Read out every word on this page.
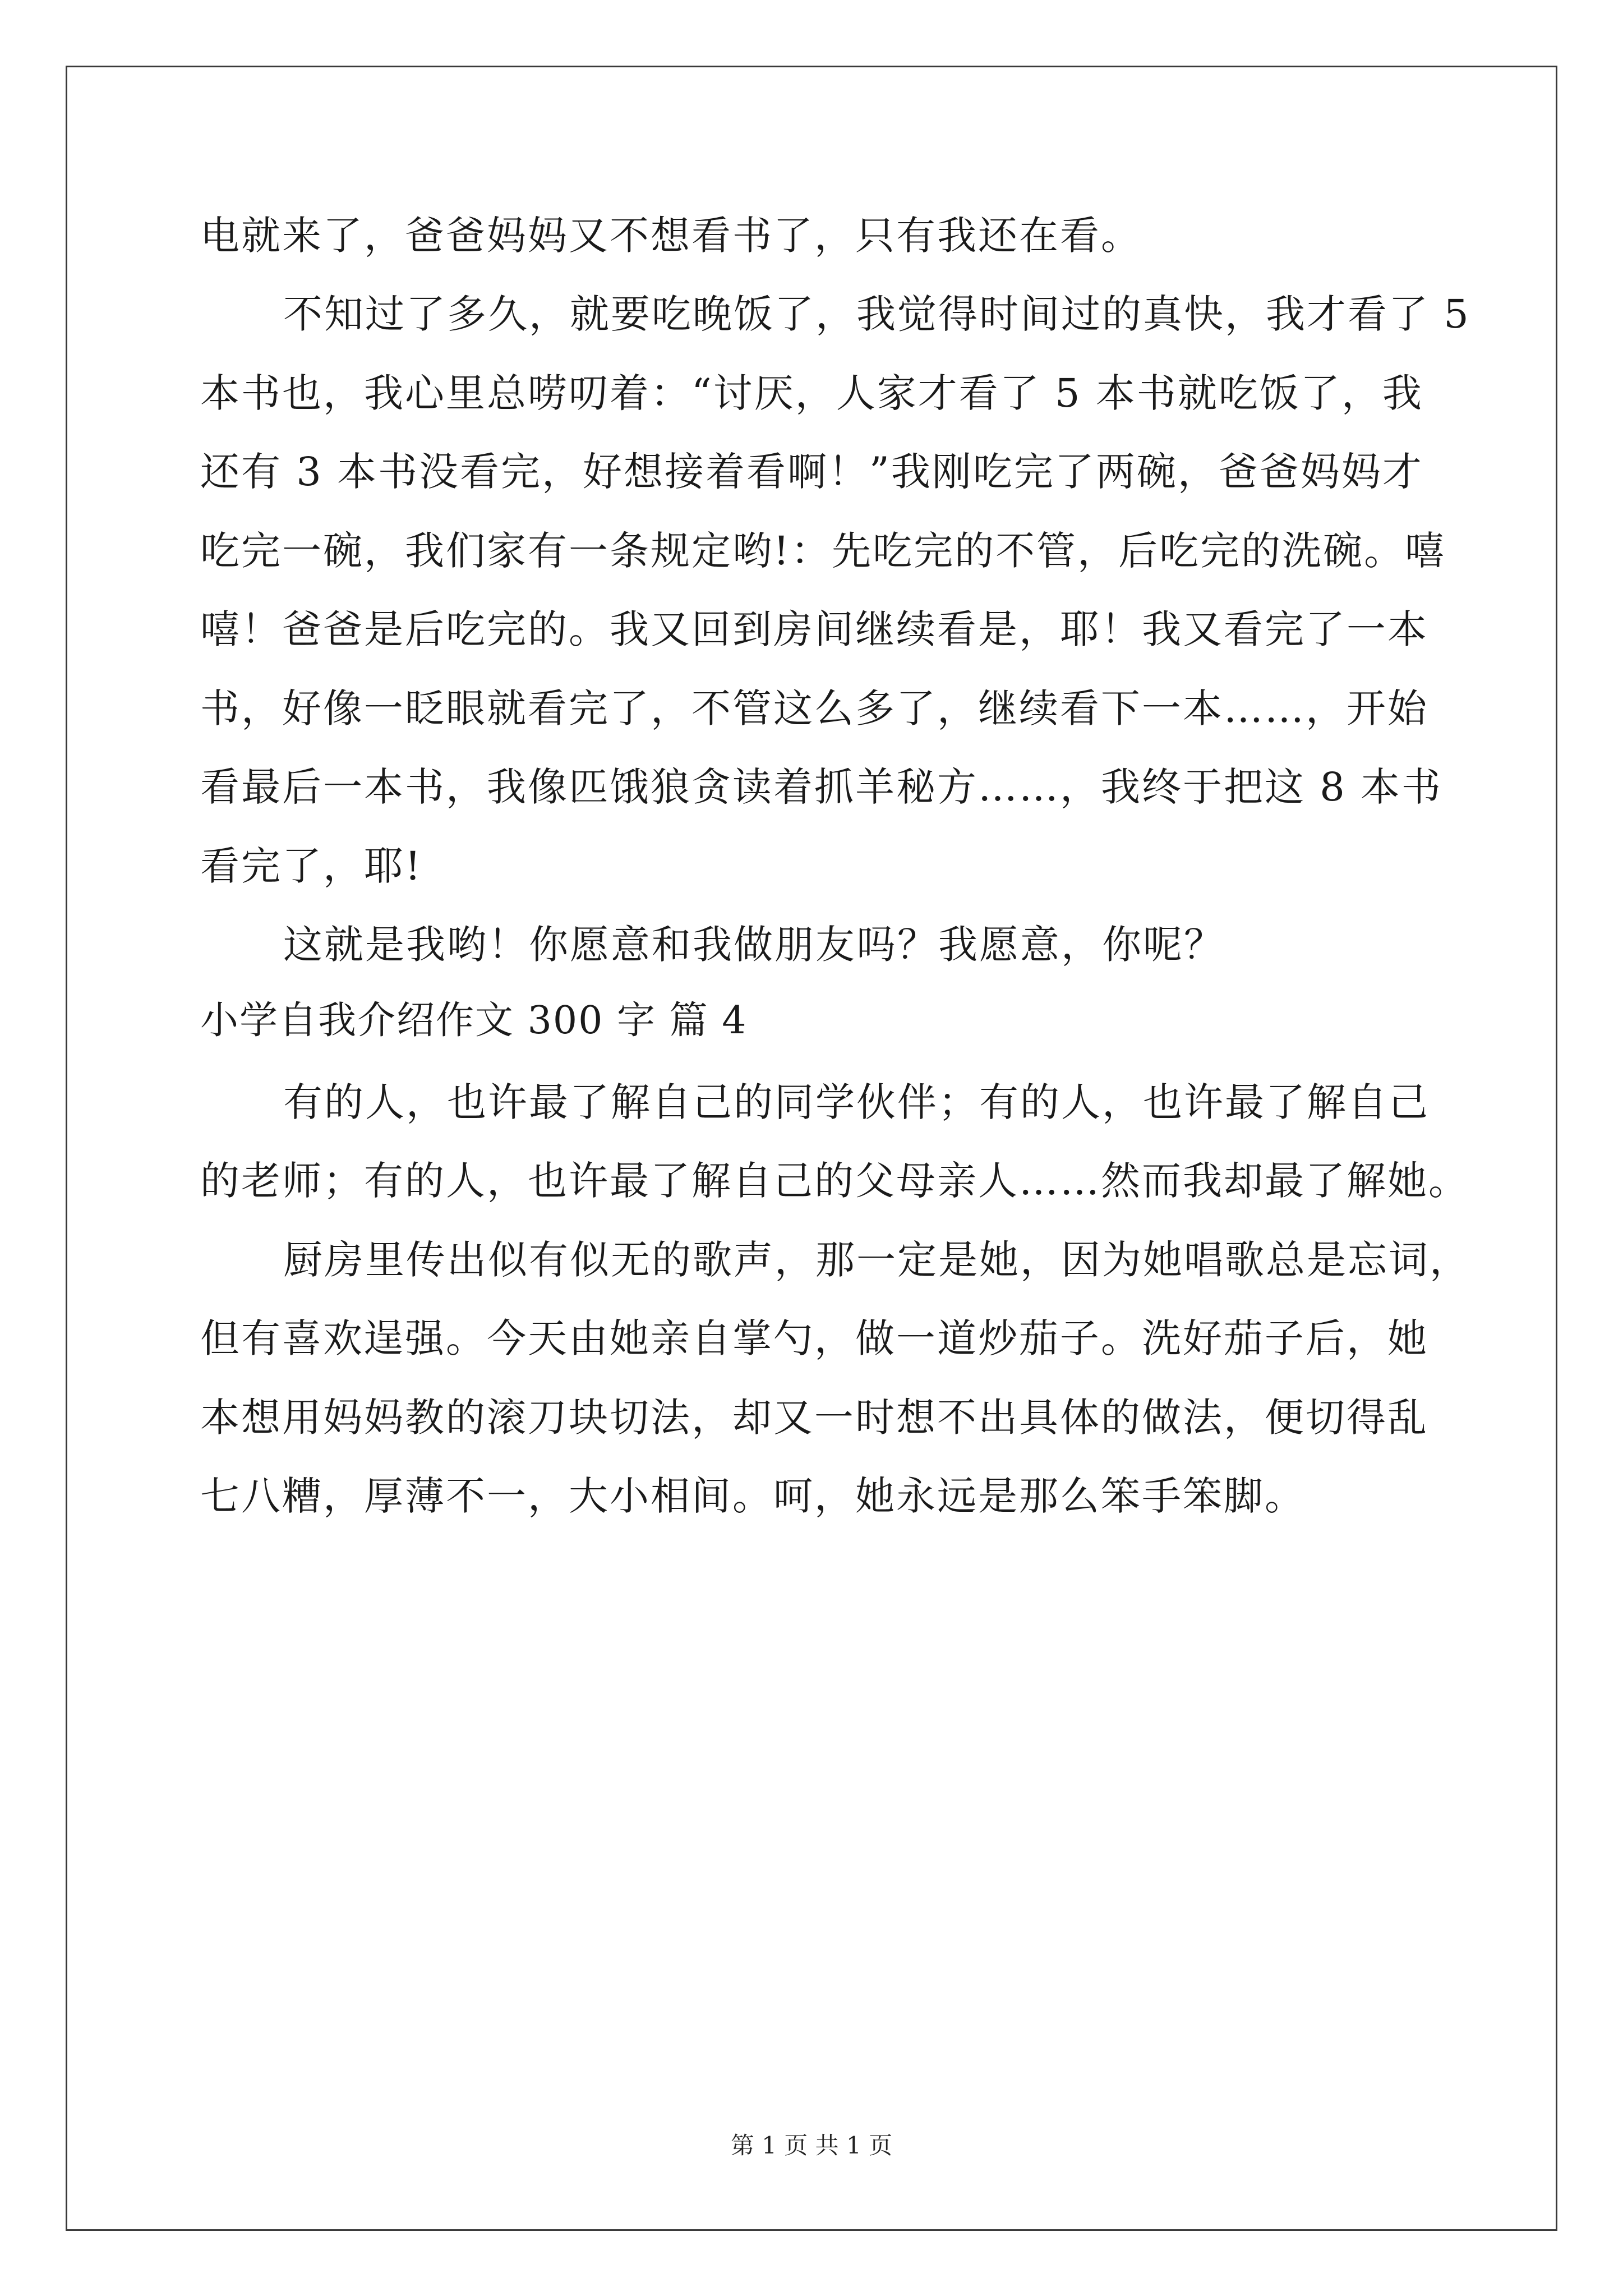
电就来了，爸爸妈妈又不想看书了，只有我还在看。
不知过了多久，就要吃晚饭了，我觉得时间过的真快，我才看了 5
本书也，我心里总唠叨着：“讨厌，人家才看了 5 本书就吃饭了，我
还有 3 本书没看完，好想接着看啊！”我刚吃完了两碗，爸爸妈妈才
吃完一碗，我们家有一条规定哟!：先吃完的不管，后吃完的洗碗。嘻
嘻！爸爸是后吃完的。我又回到房间继续看是，耶！我又看完了一本
书，好像一眨眼就看完了，不管这么多了，继续看下一本……，开始
看最后一本书，我像匹饿狼贪读着抓羊秘方……，我终于把这 8 本书
看完了，耶!
这就是我哟！你愿意和我做朋友吗？我愿意，你呢？
小学自我介绍作文 300 字 篇 4
有的人，也许最了解自己的同学伙伴；有的人，也许最了解自己
的老师；有的人，也许最了解自己的父母亲人……然而我却最了解她。
厨房里传出似有似无的歌声，那一定是她，因为她唱歌总是忘词，
但有喜欢逞强。今天由她亲自掌勺，做一道炒茄子。洗好茄子后，她
本想用妈妈教的滚刀块切法，却又一时想不出具体的做法，便切得乱
七八糟，厚薄不一，大小相间。呵，她永远是那么笨手笨脚。
第 1 页 共 1 页
